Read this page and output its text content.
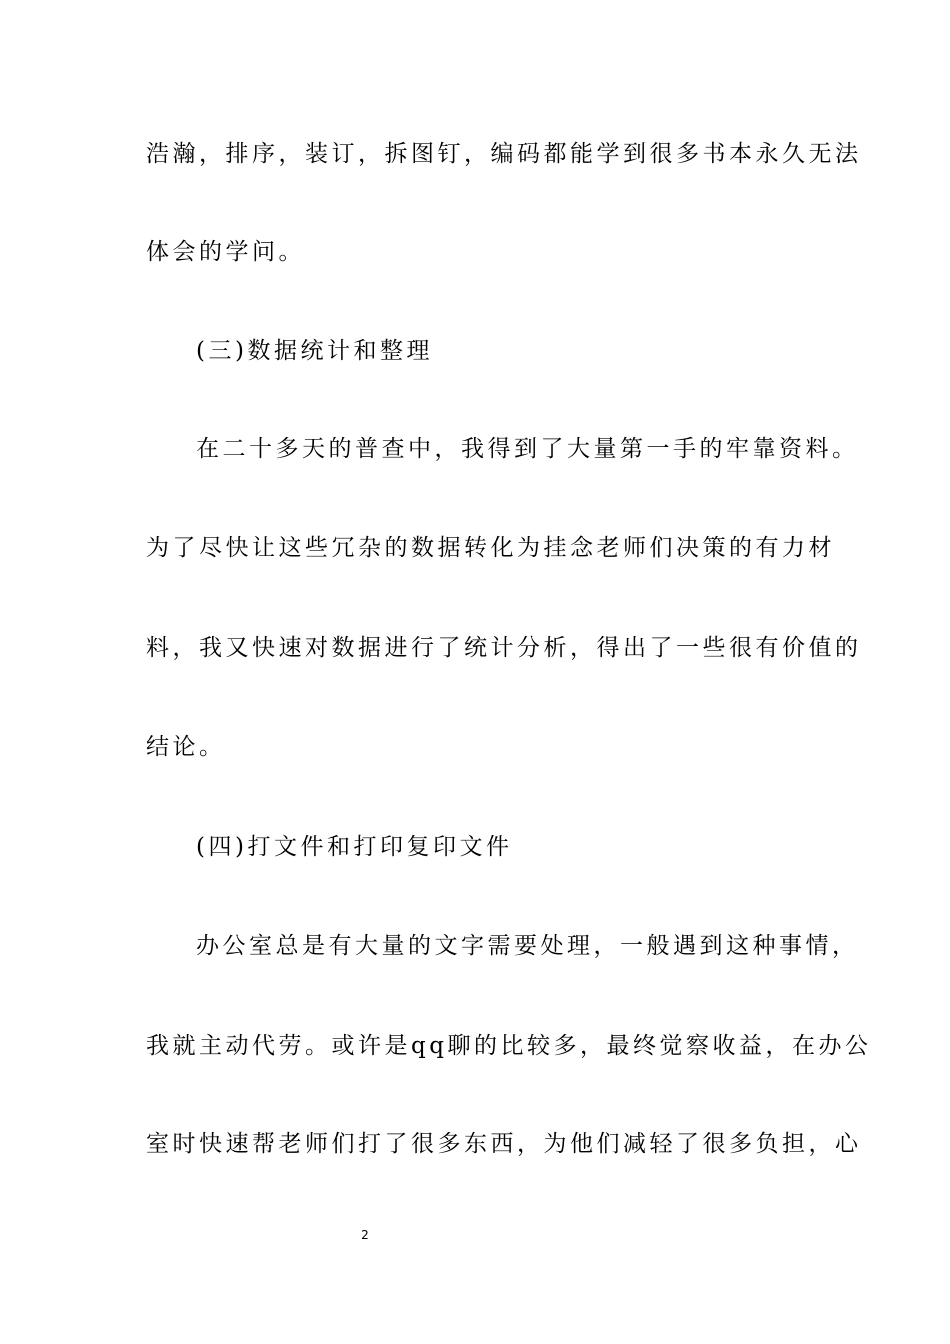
浩瀚，排序，装订，拆图钉，编码都能学到很多书本永久无法
体会的学问。
(三)数据统计和整理
在二十多天的普查中，我得到了大量第一手的牢靠资料。
为了尽快让这些冗杂的数据转化为挂念老师们决策的有力材
料，我又快速对数据进行了统计分析，得出了一些很有价值的
结论。
(四)打文件和打印复印文件
办公室总是有大量的文字需要处理，一般遇到这种事情，
我就主动代劳。或许是qq聊的比较多，最终觉察收益，在办公
室时快速帮老师们打了很多东西，为他们减轻了很多负担，心
2
